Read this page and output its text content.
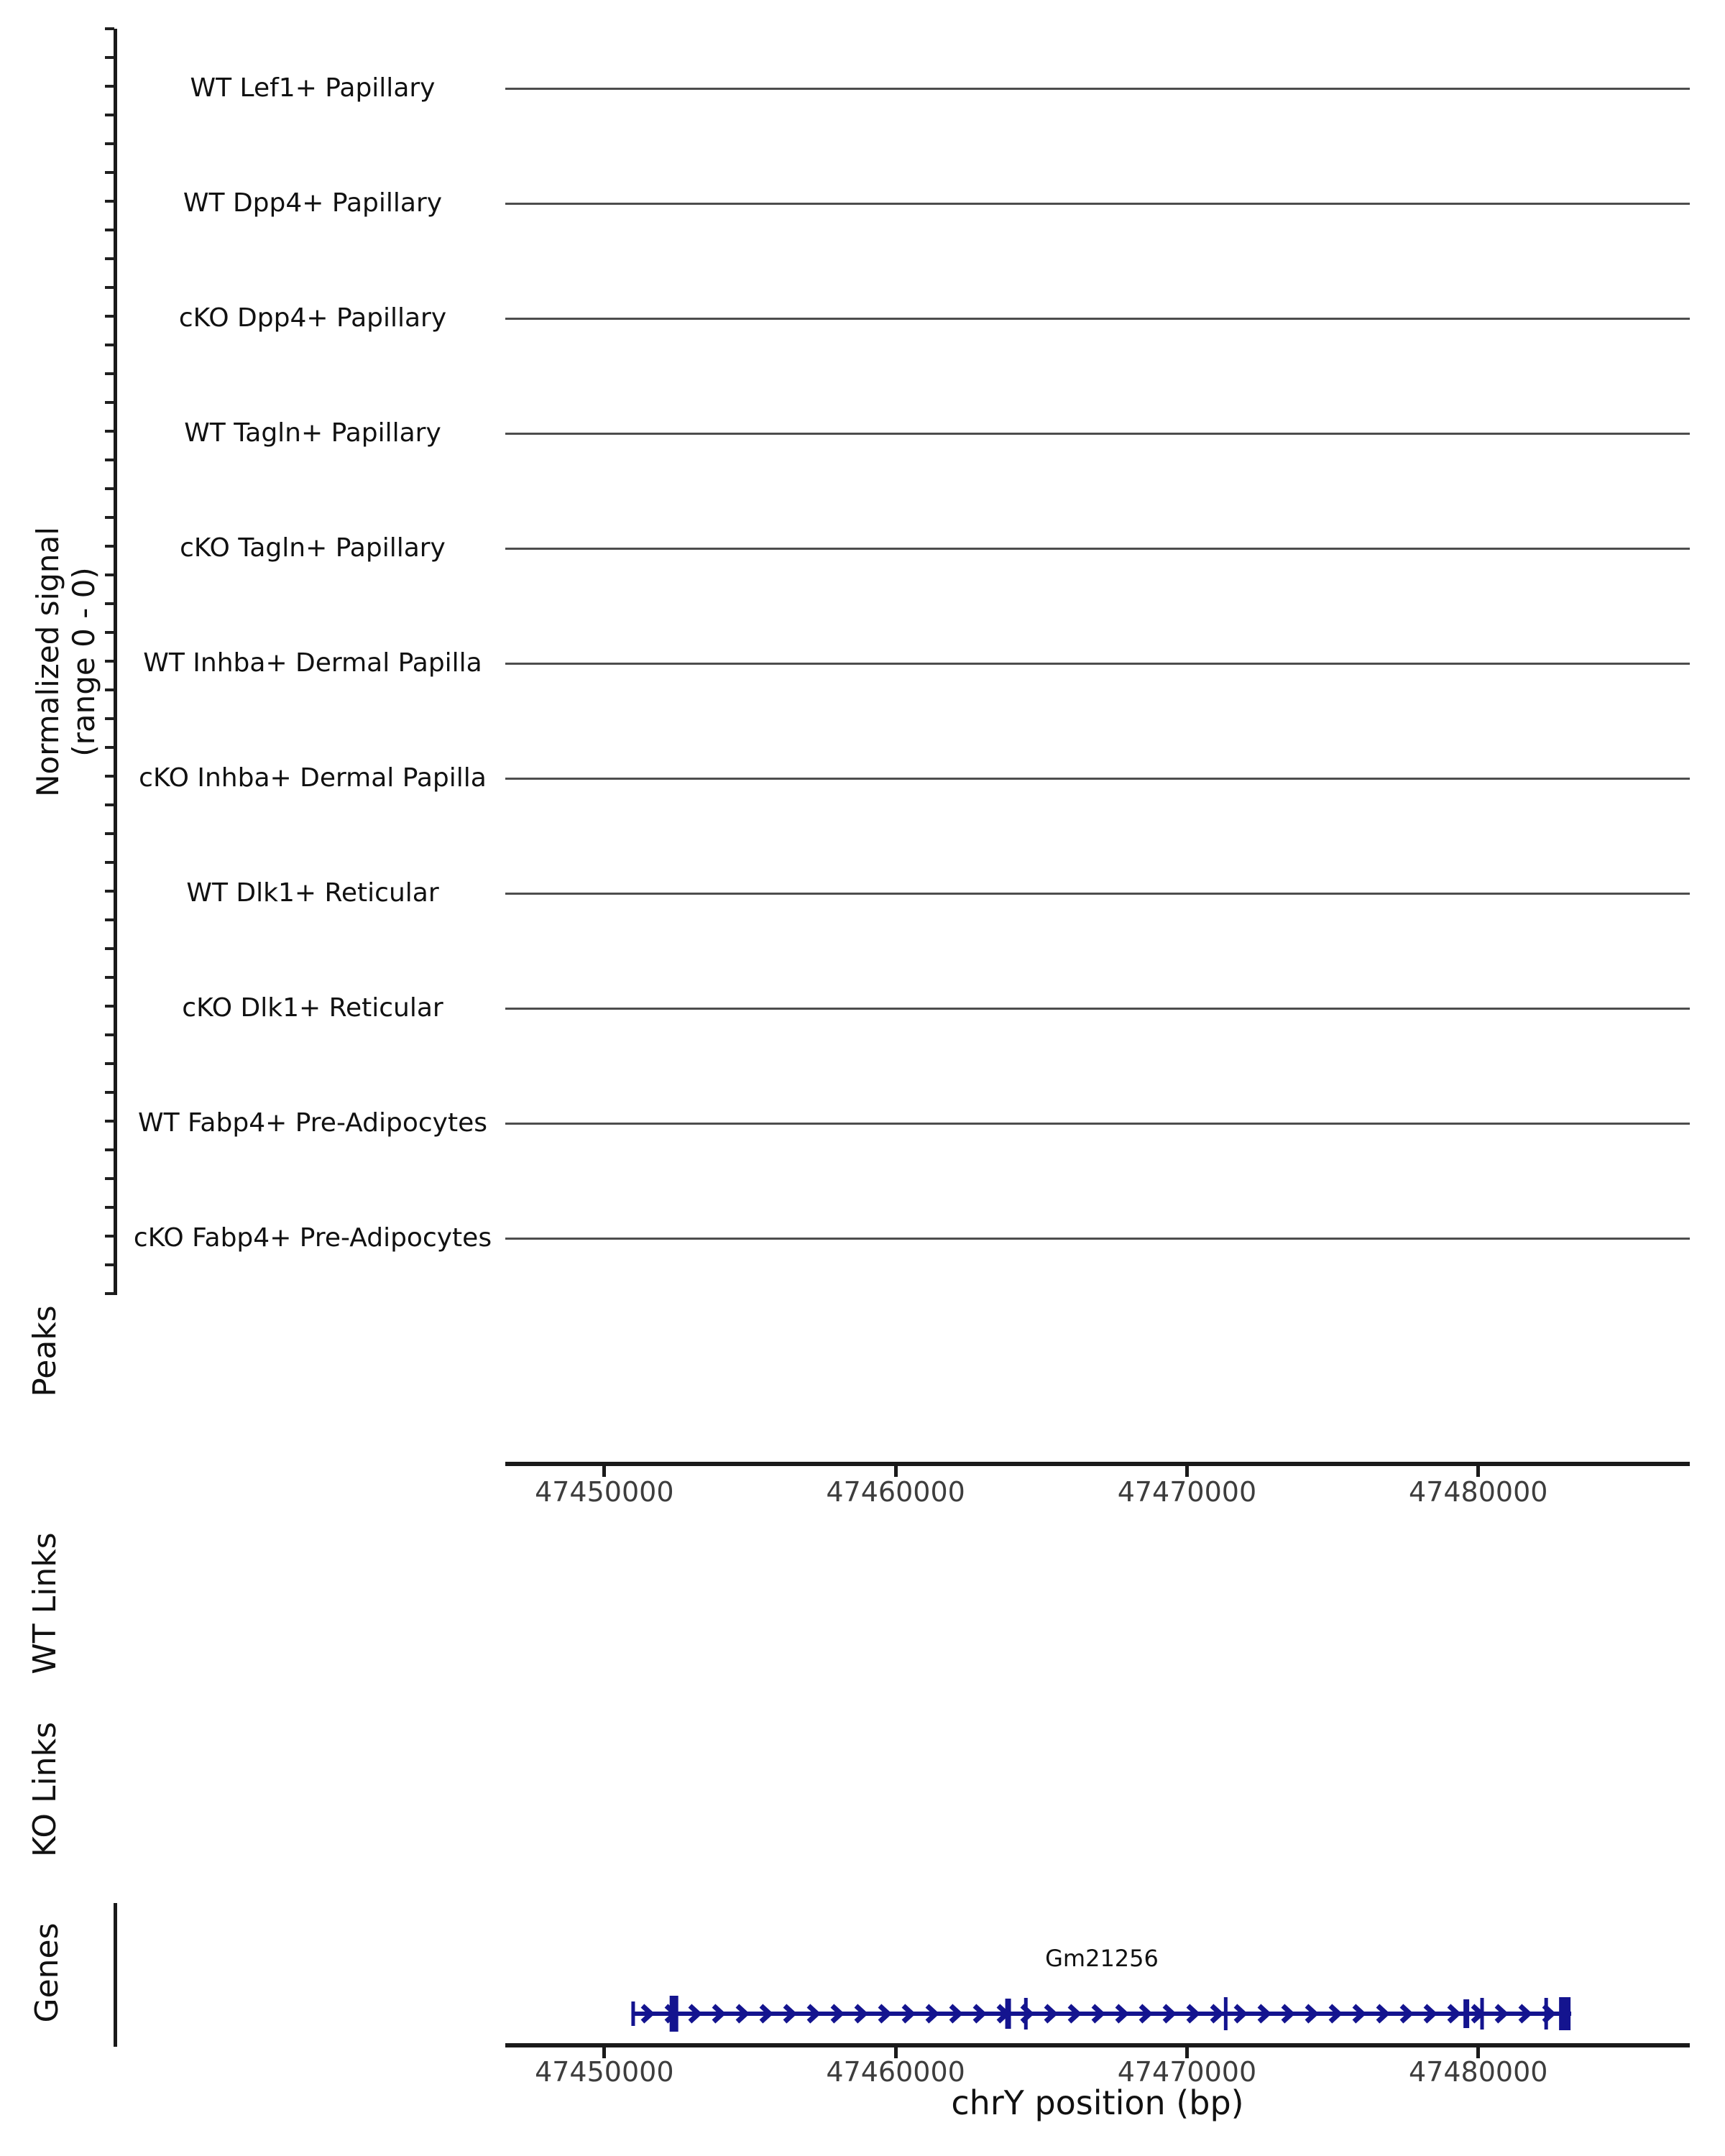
Normalized signal (range 0 - 0)
WT Lef1+ Papillary
WT Dpp4+ Papillary
cKO Dpp4+ Papillary
WT Tagln+ Papillary
cKO Tagln+ Papillary
WT Inhba+ Dermal Papilla
cKO Inhba+ Dermal Papilla
WT Dlk1+ Reticular
cKO Dlk1+ Reticular
WT Fabp4+ Pre-Adipocytes
cKO Fabp4+ Pre-Adipocytes
Peaks
WT Links
KO Links
Genes
47450000	47460000	47470000	47480000
Gm21256
47450000	47460000	47470000	47480000
chrY position (bp)
